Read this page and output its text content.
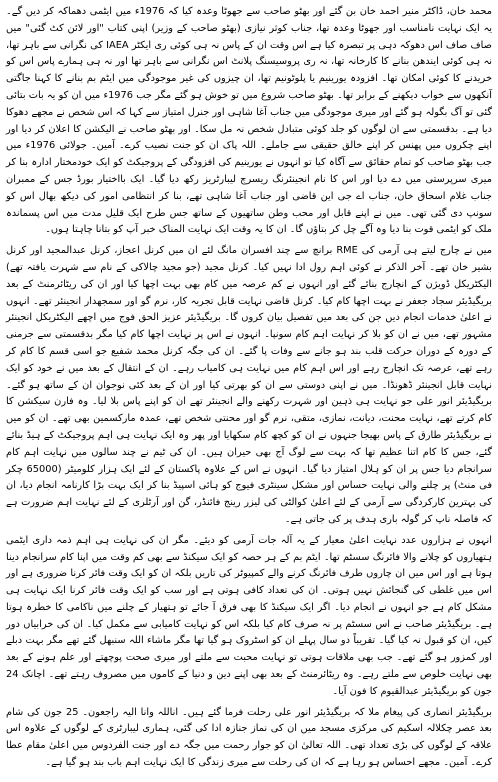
محمد خان، ڈاکٹر منیر احمد خان بن گئے اور بھٹو صاحب سے جھوٹا وعدہ کیا کہ 1976ء میں ایٹمی دھماکہ کر دیں گے۔ یہ ایک نہایت نامناسب اور جھوٹا وعدہ تھا، جناب کوثر نیازی (بھٹو صاحب کے وزیر) اپنی کتاب "اور لائن کٹ گئی" میں صاف صاف اس دھوکہ دہی پر تبصرہ کیا ہے اس وقت ان کے پاس نہ ہی کوئی ری ایکٹر IAEA کی نگرانی سے باہر تھا، نہ ہی کوئی ایندھن بنانے کا کارخانہ تھا، نہ ری پروسیسنگ پلانٹ اس نگرانی سے باہر تھا اور نہ ہی ہمارے پاس اس کو خریدنے کا کوئی امکان تھا۔ افزودہ یورینیم یا پلوٹونیم تھا، ان چیزوں کی غیر موجودگی میں ایٹم بم بنانے کا کہنا جاگتی آنکھوں سے خواب دیکھنے کے برابر تھا۔ بھٹو صاحب شروع میں تو خوش ہو گئے مگر جب 1976ء میں ان کو یہ بات بتائی گئی تو آگ بگولہ ہو گئے اور میری موجودگی میں جناب آغا شاہی اور جنرل امتیاز سے کہا کہ اس شخص نے مجھے دھوکا دیا ہے۔ بدقسمتی سے ان لوگوں کو جلد کوئی متبادل شخص نہ مل سکا۔ اور بھٹو صاحب نے الیکشن کا اعلان کر دیا اور اپنے چکروں میں پھنس کر اپنے خالق حقیقی سے جاملے۔ اللہ پاک ان کو جنت نصیب کرے۔ آمین۔ جولائی 1976ء میں جب بھٹو صاحب کو تمام حقائق سے آگاہ کیا تو انہوں نے یورینیم کی افزودگی کے پروجیکٹ کو ایک خودمختار ادارہ بنا کر میری سرپرستی میں دے دیا اور اس کا نام انجینئرنگ ریسرچ لیبارٹریز رکھ دیا گیا۔ ایک بااختیار بورڈ جس کے ممبران جناب غلام اسحاق خان، جناب اے جی این قاضی اور جناب آغا شاہی تھے، بنا کر انتظامی امور کی دیکھ بھال اس کو سونپ دی گئی تھی۔ میں نے اپنے قابل اور محب وطن ساتھیوں کے ساتھ جس طرح ایک قلیل مدت میں اس پسماندہ ملک کو ایٹمی قوت بنا دیا وہ آگے چل کر بتاؤں گا۔ ان کا یہ وقت ایک نہایت المناک خبر آپ کو بتانا چاہتا ہوں۔

میں نے چارج لیتے ہی آرمی کی RME برانچ سے چند افسران مانگ لئے ان میں کرنل اعجاز، کرنل عبدالمجید اور کرنل بشیر خان تھے۔ آخر الذکر نے کوئی اہم رول ادا نہیں کیا۔ کرنل مجید (جو مجید چالاکی کے نام سے شہرت یافتہ تھے) الیکٹریکل ڈویژن کے انچارج بنائے گئے اور انہوں نے کم عرصہ میں کام بھی بہت اچھا کیا اور ان کی ریٹائرمنٹ کے بعد بریگیڈیئر سجاد جعفر نے بہت اچھا کام کیا۔ کرنل قاضی نہایت قابل تجربہ کار، نرم گو اور سمجھدار انجینئر تھے۔ انہوں نے اعلیٰ خدمات انجام دیں جن کی بعد میں تفصیل بیان کروں گا۔ بریگیڈیئر عزیز الحق فوج میں اچھے الیکٹریکل انجینئر مشہور تھے، میں نے ان کو بلا کر نہایت اہم کام سونپا۔ انہوں نے اس پر نہایت اچھا کام کیا مگر بدقسمتی سے جرمنی کے دورہ کے دوران حرکت قلب بند ہو جانے سے وفات پا گئے۔ ان کی جگہ کرنل محمد شفیع جو اسی قسم کا کام کر رہے تھے، عرصہ تک انچارج رہے اور اس اہم کام میں نہایت ہی کامیاب رہے۔ ان کے انتقال کے بعد میں نے خود کو ایک نہایت قابل انجینئر ڈھونڈا۔ میں نے اپنی دوستی سے ان کو بھرتی کیا اور ان کے بعد کئی نوجوان ان کے ساتھ ہو گئے۔ بریگیڈیئر انور علی جو نہایت ہی ذہین اور شہرت رکھنے والے انجینئر تھے ان کو اپنے پاس بلا لیا۔ وہ فارن سیکشن کا کام کرتے تھے، نہایت محنت، دیانت، نمازی، متقی، نرم گو اور محنتی شخص تھے، عمدہ مارکسمین بھی تھے۔ ان کو میں نے بریگیڈیئر طارق کے پاس بھیجا جنہوں نے ان کو کچھ کام سکھایا اور پھر وہ ایک نہایت ہی اہم پروجیکٹ کے ہیڈ بنائے گئے، جس کا کام اتنا عظیم تھا کہ بہت سے لوگ آج بھی حیران ہیں۔ ان کی ٹیم نے چند سالوں میں نہایت اہم کام سرانجام دیا جس پر ان کو ہلال امتیاز دیا گیا۔ انہوں نے اس کے علاوہ پاکستان کے لئے ایک ہزار کلومیٹر (65000 چکر فی منٹ) پر چلنے والی نہایت حساس اور مشکل سینٹری فیوج کو ہائی اسپیڈ بنا کر ایک بہت بڑا کارنامہ انجام دیا، ان کی بہترین کارکردگی سے آرمی کے لئے اعلیٰ کوالٹی کی لیزر رینج فائنڈر، گن اور آرٹلری کے لئے نہایت اہم ضرورت ہے کہ فاصلہ ناپ کر گولہ باری ہدف پر کی جاتی ہے۔

انہوں نے ہزاروں عدد نہایت اعلیٰ معیار کے یہ آلہ جات آرمی کو دیئے۔ مگر ان کی نہایت ہی اہم ذمہ داری ایٹمی ہتھیاروں کو چلانے والا فائرنگ سسٹم تھا۔ ایٹم بم کے ہر حصہ کو ایک سیکنڈ سے بھی کم وقت میں اپنا کام سرانجام دینا ہوتا ہے اور اس میں ان چاروں طرف فائرنگ کرنے والے کمپیوٹر کی تاریں بلکہ ان کو ایک وقت فائر کرنا ضروری ہے اور اس میں غلطی کی گنجائش نہیں ہوتی۔ ان کی تعداد کافی ہوتی ہے اور سب کو ایک وقت فائر کرنا ایک نہایت ہی مشکل کام ہے جو انہوں نے انجام دیا۔ اگر ایک سیکنڈ کا بھی فرق آ جائے تو ہتھیار کے چلنے میں ناکامی کا خطرہ ہوتا ہے۔ بریگیڈیئر صاحب نے اس سسٹم پر نہ صرف کام کیا بلکہ اس کو نہایت کامیابی سے مکمل کیا۔ ان کی خرابیاں دور کیں، ان کو قبول نہ کیا گیا۔ تقریباً دو سال پہلے ان کو اسٹروک ہو گیا تھا مگر ماشاء اللہ سنبھل گئے تھے مگر بہت دبلے اور کمزور ہو گئے تھے۔ جب بھی ملاقات ہوتی تو نہایت محبت سے ملتے اور میری صحت پوچھتے اور علم ہونے کے بعد بھی نہایت خلوص سے ملتے رہے۔ وہ ریٹائرمنٹ کے بعد بھی اپنے دین و دنیا کے کاموں میں مصروف رہتے تھے۔ اچانک 24 جون کو بریگیڈیئر عبدالقیوم کا فون آیا۔

بریگیڈیئر انصاری کی پیغام ملا کہ بریگیڈیئر انور علی رحلت فرما گئے ہیں۔ اناللہ وانا الیہ راجعون۔ 25 جون کی شام بعد عصر چکلالہ اسکیم کی مرکزی مسجد میں ان کی نماز جنازہ ادا کی گئی، ہماری لیبارٹری کے لوگوں کے علاوہ اس علاقہ کے لوگوں کی بڑی تعداد تھی۔ اللہ تعالیٰ ان کو جوار رحمت میں جگہ دے اور جنت الفردوس میں اعلیٰ مقام عطا کرے۔ آمین۔ مجھے احساس ہو رہا ہے کہ ان کی رحلت سے میری زندگی کا ایک نہایت اہم باب بند ہو گیا ہے۔
